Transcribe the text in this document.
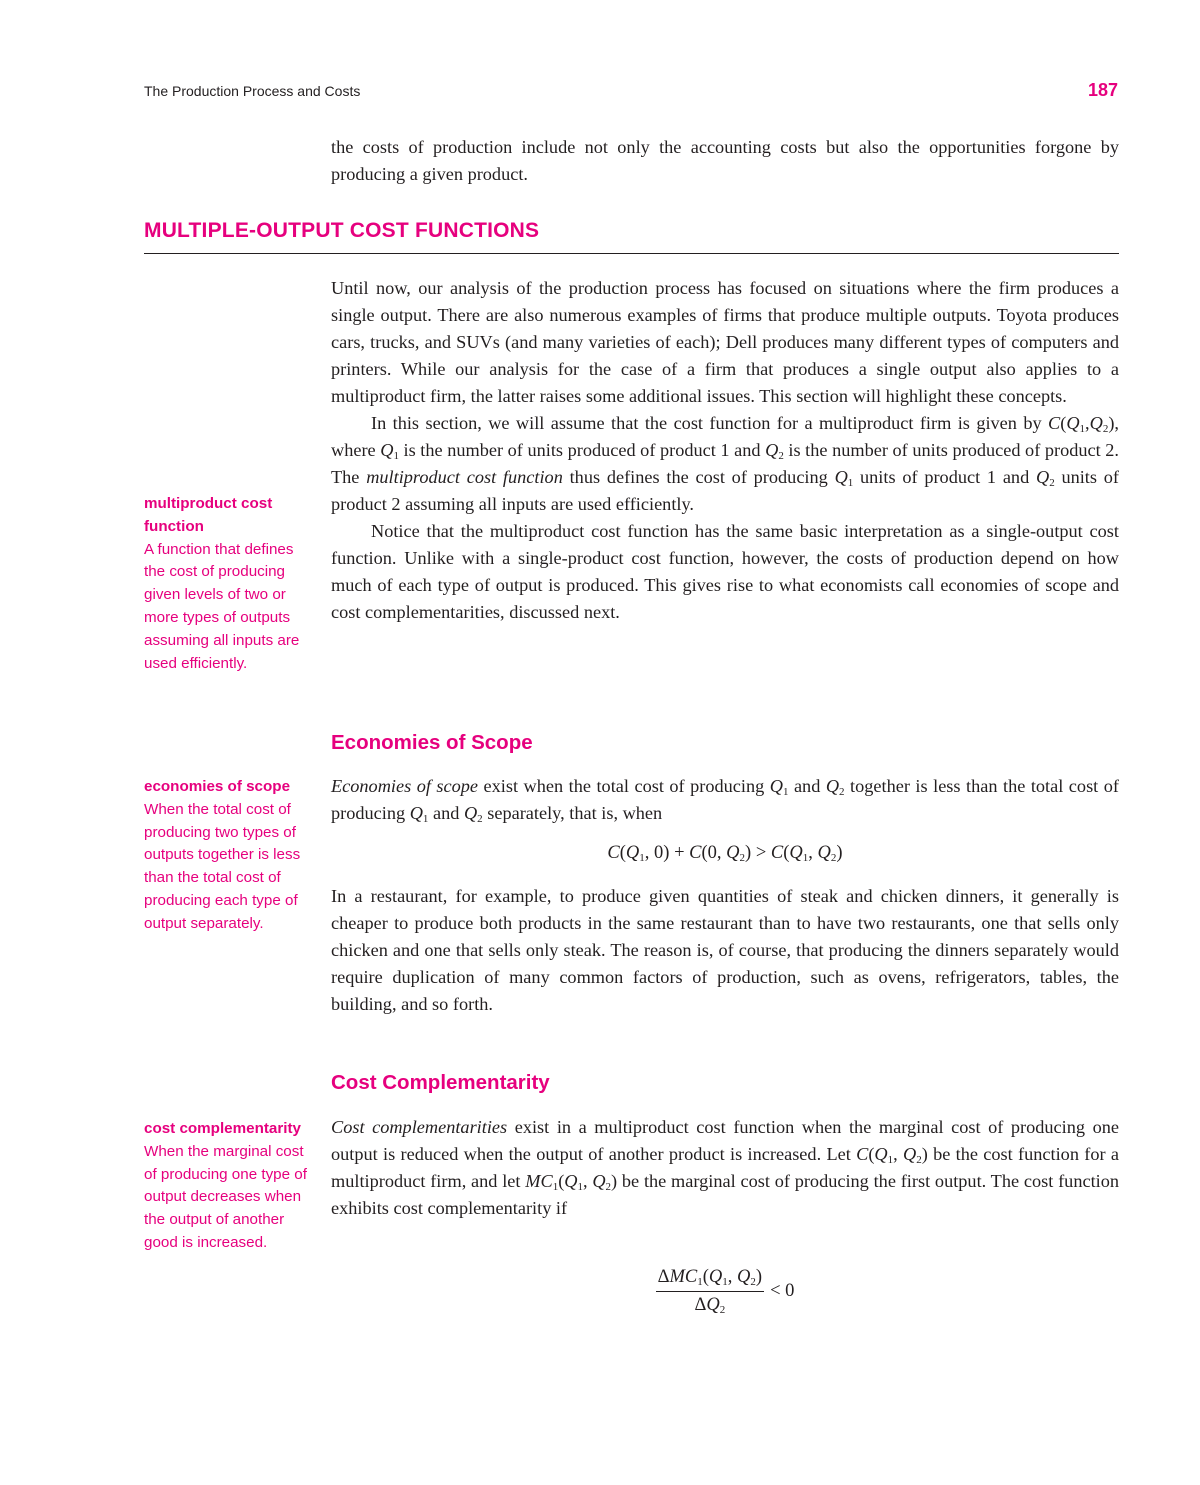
The Production Process and Costs	187

the costs of production include not only the accounting costs but also the opportunities forgone by producing a given product.

MULTIPLE-OUTPUT COST FUNCTIONS

Until now, our analysis of the production process has focused on situations where the firm produces a single output. There are also numerous examples of firms that produce multiple outputs. Toyota produces cars, trucks, and SUVs (and many varieties of each); Dell produces many different types of computers and printers. While our analysis for the case of a firm that produces a single output also applies to a multiproduct firm, the latter raises some additional issues. This section will highlight these concepts.

In this section, we will assume that the cost function for a multiproduct firm is given by $C(Q_1,Q_2)$, where $Q_1$ is the number of units produced of product 1 and $Q_2$ is the number of units produced of product 2. The multiproduct cost function thus defines the cost of producing $Q_1$ units of product 1 and $Q_2$ units of product 2 assuming all inputs are used efficiently.

Notice that the multiproduct cost function has the same basic interpretation as a single-output cost function. Unlike with a single-product cost function, however, the costs of production depend on how much of each type of output is produced. This gives rise to what economists call economies of scope and cost complementarities, discussed next.

Economies of Scope

Economies of scope exist when the total cost of producing $Q_1$ and $Q_2$ together is less than the total cost of producing $Q_1$ and $Q_2$ separately, that is, when

$C(Q_1$, 0) + C(0, $Q_2) > C(Q_1$, $Q_2$)

In a restaurant, for example, to produce given quantities of steak and chicken dinners, it generally is cheaper to produce both products in the same restaurant than to have two restaurants, one that sells only chicken and one that sells only steak. The reason is, of course, that producing the dinners separately would require duplication of many common factors of production, such as ovens, refrigerators, tables, the building, and so forth.

Cost Complementarity

Cost complementarities exist in a multiproduct cost function when the marginal cost of producing one output is reduced when the output of another product is increased. Let $C(Q_1$, $Q_2$) be the cost function for a multiproduct firm, and let $MC_1(Q_1$, $Q_2$) be the marginal cost of producing the first output. The cost function exhibits cost complementarity if

$\frac{\Delta MC_1(Q_1, Q_2)}{\Delta Q_2} < 0$
multiproduct cost function
A function that defines the cost of producing given levels of two or more types of outputs assuming all inputs are used efficiently.
economies of scope
When the total cost of producing two types of outputs together is less than the total cost of producing each type of output separately.
cost complementarity
When the marginal cost of producing one type of output decreases when the output of another good is increased.
